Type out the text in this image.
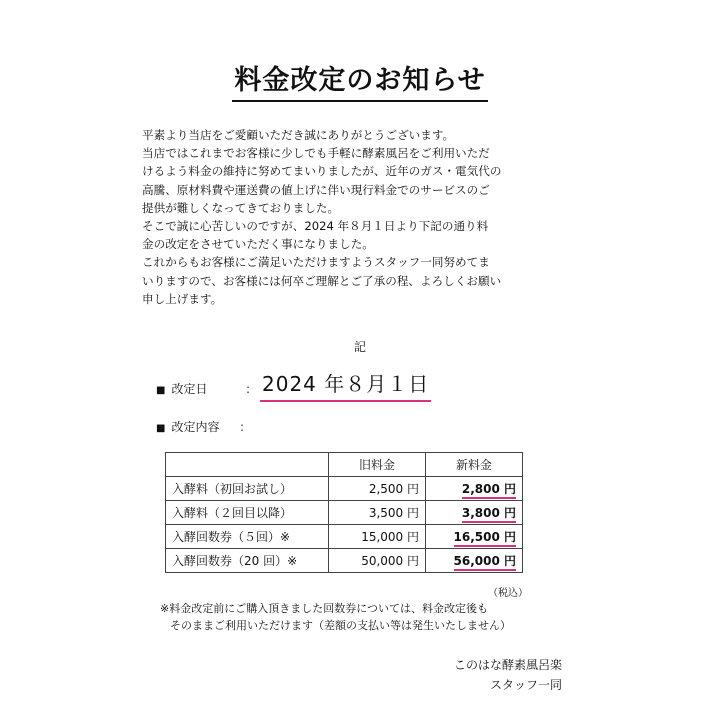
料金改定のお知らせ

平素より当店をご愛顧いただき誠にありがとうございます。

当店ではこれまでお客様に少しでも手軽に酵素風呂をご利用いただ

けるよう料金の維持に努めてまいりましたが、近年のガス・電気代の

高騰、原材料費や運送費の値上げに伴い現行料金でのサービスのご

提供が難しくなってきておりました。

そこで誠に心苦しいのですが、2024 年８月１日より下記の通り料

金の改定をさせていただく事になりました。

これからもお客様にご満足いただけますようスタッフ一同努めてま

いりますので、お客様には何卒ご理解とご了承の程、よろしくお願い

申し上げます。

記
■ 改定日	： 2024 年８月１日
■ 改定内容 ：
	旧料金	新料金
入酵料（初回お試し）	2,500 円	2,800 円
入酵料（２回目以降）	3,500 円	3,800 円
入酵回数券（５回）※	15,000 円	16,500 円
入酵回数券（20 回）※	50,000 円	56,000 円
（税込）

※料金改定前にご購入頂きました回数券については、料金改定後も

そのままご利用いただけます（差額の支払い等は発生いたしません）

このはな酵素風呂楽

スタッフ一同
